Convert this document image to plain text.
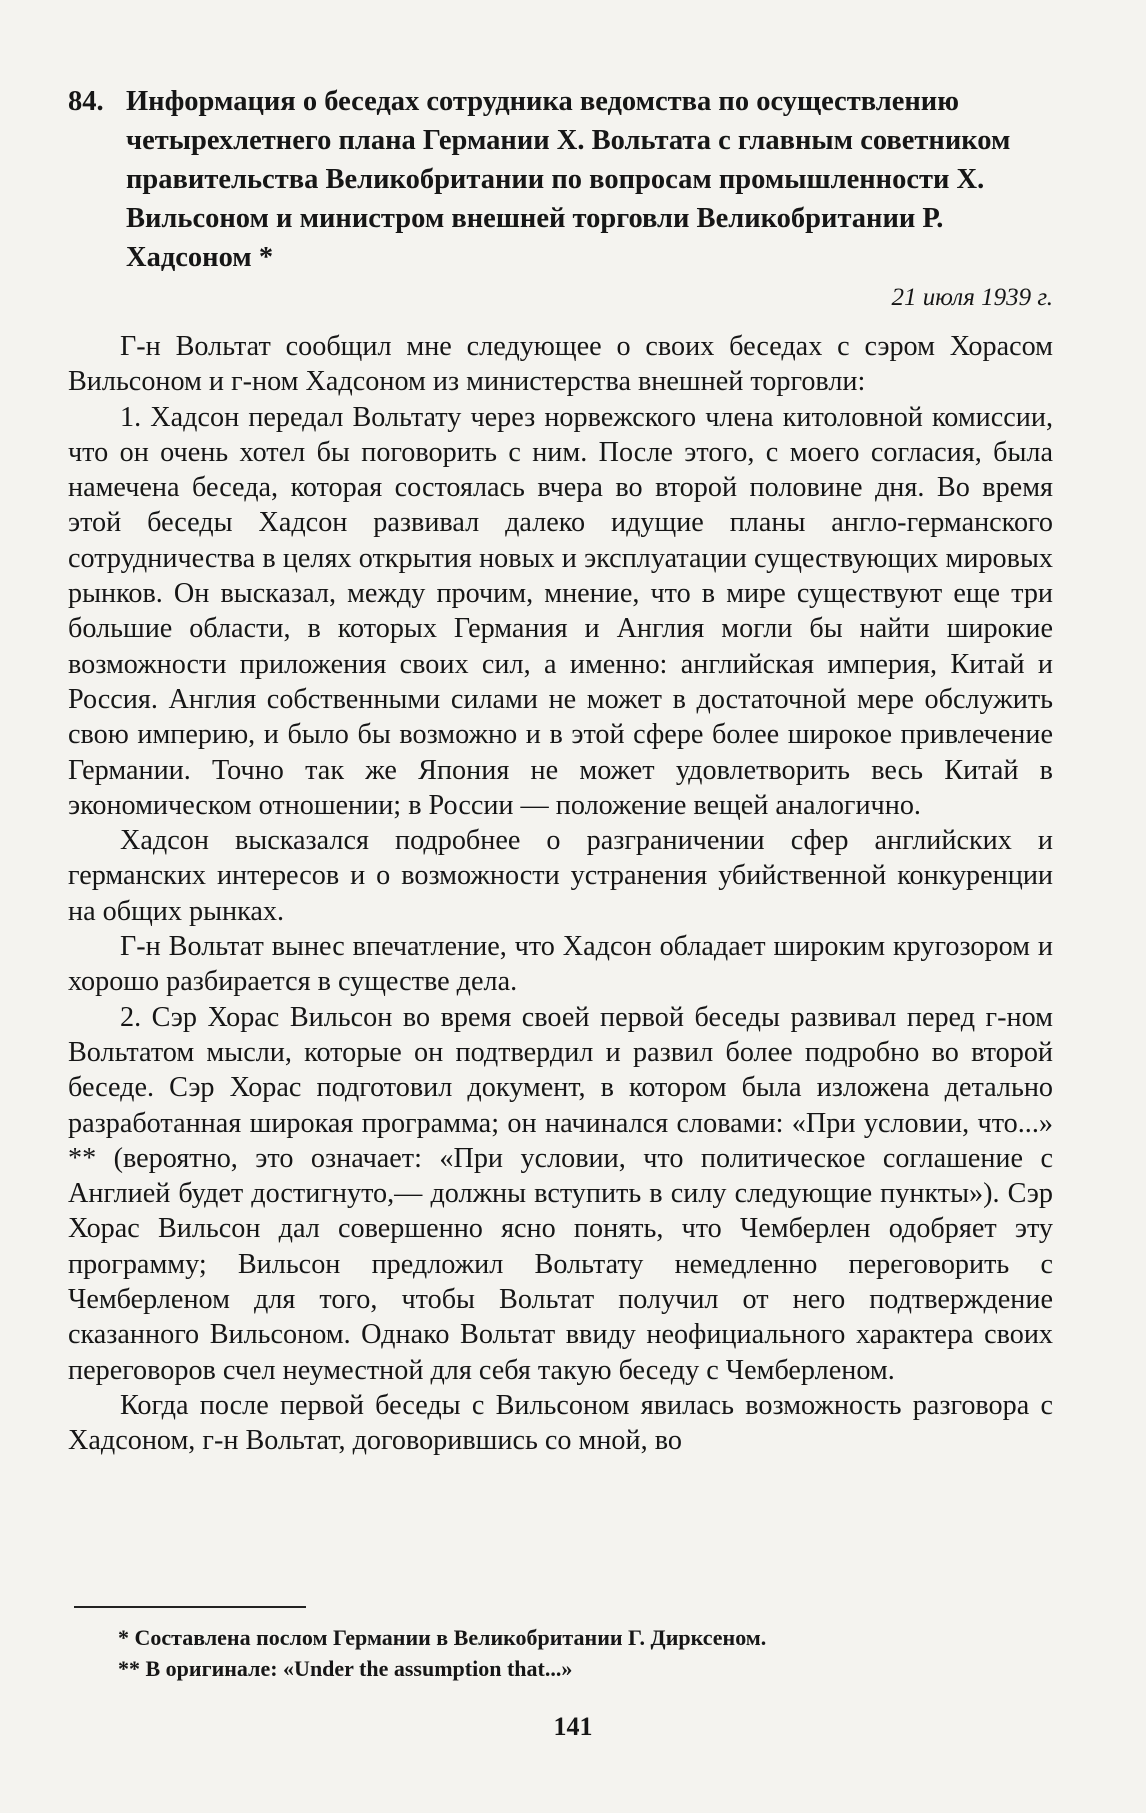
84. Информация о беседах сотрудника ведомства по осуществлению четырехлетнего плана Германии Х. Вольтата с главным советником правительства Великобритании по вопросам промышленности Х. Вильсоном и министром внешней торговли Великобритании Р. Хадсоном *
21 июля 1939 г.

Г-н Вольтат сообщил мне следующее о своих беседах с сэром Хорасом Вильсоном и г-ном Хадсоном из министерства внешней торговли:

1. Хадсон передал Вольтату через норвежского члена китоловной комиссии, что он очень хотел бы поговорить с ним. После этого, с моего согласия, была намечена беседа, которая состоялась вчера во второй половине дня. Во время этой беседы Хадсон развивал далеко идущие планы англо-германского сотрудничества в целях открытия новых и эксплуатации существующих мировых рынков. Он высказал, между прочим, мнение, что в мире существуют еще три большие области, в которых Германия и Англия могли бы найти широкие возможности приложения своих сил, а именно: английская империя, Китай и Россия. Англия собственными силами не может в достаточной мере обслужить свою империю, и было бы возможно и в этой сфере более широкое привлечение Германии. Точно так же Япония не может удовлетворить весь Китай в экономическом отношении; в России — положение вещей аналогично.

Хадсон высказался подробнее о разграничении сфер английских и германских интересов и о возможности устранения убийственной конкуренции на общих рынках.

Г-н Вольтат вынес впечатление, что Хадсон обладает широким кругозором и хорошо разбирается в существе дела.

2. Сэр Хорас Вильсон во время своей первой беседы развивал перед г-ном Вольтатом мысли, которые он подтвердил и развил более подробно во второй беседе. Сэр Хорас подготовил документ, в котором была изложена детально разработанная широкая программа; он начинался словами: «При условии, что...» ** (вероятно, это означает: «При условии, что политическое соглашение с Англией будет достигнуто,— должны вступить в силу следующие пункты»). Сэр Хорас Вильсон дал совершенно ясно понять, что Чемберлен одобряет эту программу; Вильсон предложил Вольтату немедленно переговорить с Чемберленом для того, чтобы Вольтат получил от него подтверждение сказанного Вильсоном. Однако Вольтат ввиду неофициального характера своих переговоров счел неуместной для себя такую беседу с Чемберленом.

Когда после первой беседы с Вильсоном явилась возможность разговора с Хадсоном, г-н Вольтат, договорившись со мной, во

* Составлена послом Германии в Великобритании Г. Дирксеном.

** В оригинале: «Under the assumption that...»

141
